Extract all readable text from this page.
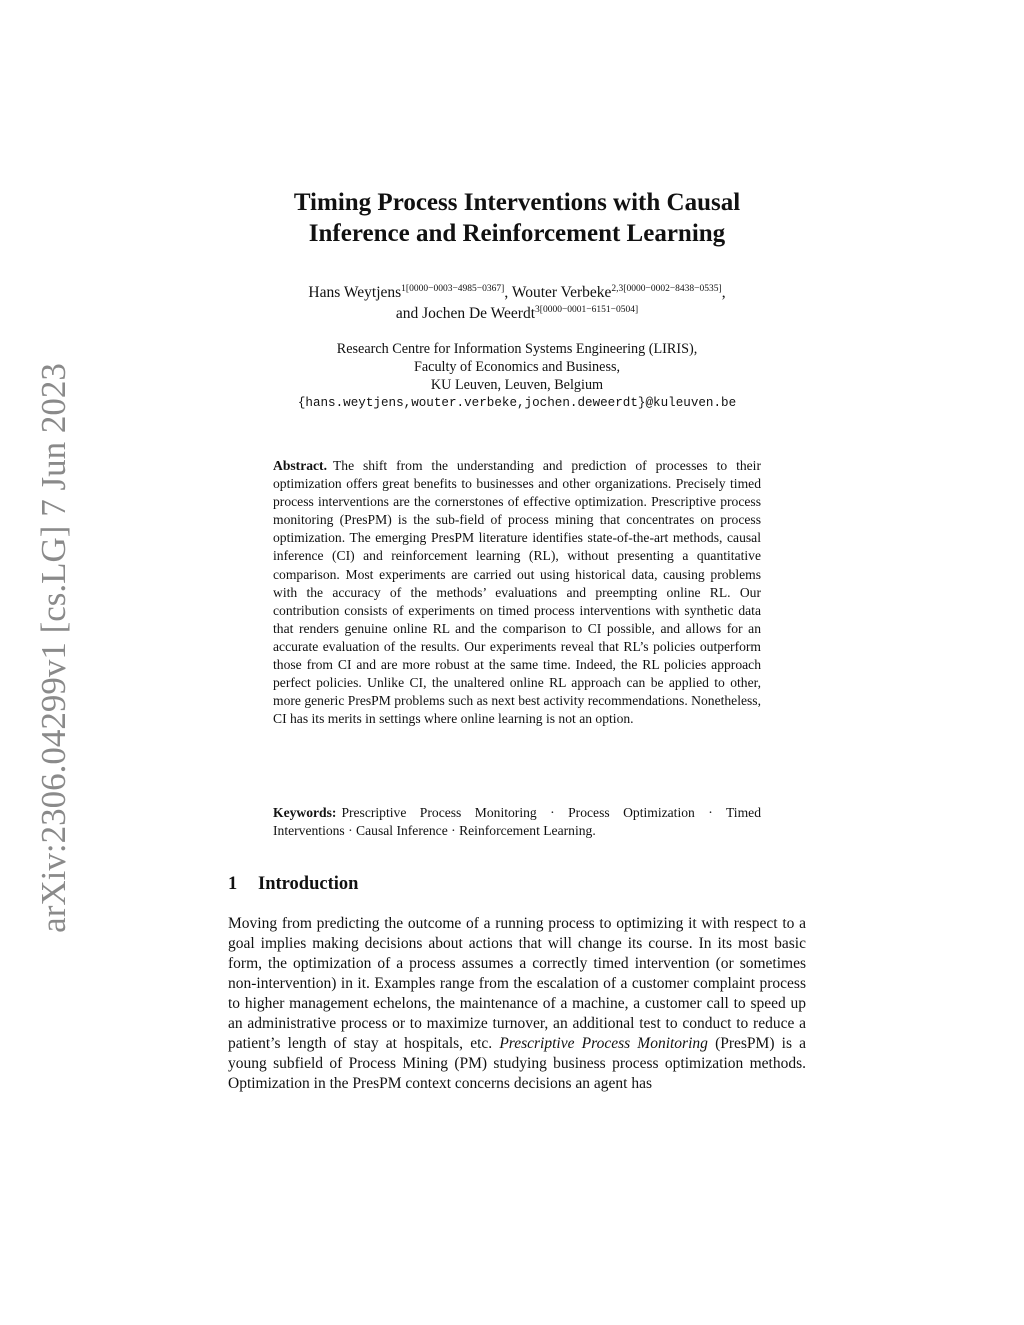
arXiv:2306.04299v1 [cs.LG] 7 Jun 2023
Timing Process Interventions with Causal
Inference and Reinforcement Learning
Hans Weytjens$^{1[0000-0003-4985-0367]}$, Wouter Verbeke$^{2,3[0000-0002-8438-0535]}$,
and Jochen De Weerdt$^{3[0000-0001-6151-0504]}$
Research Centre for Information Systems Engineering (LIRIS),
Faculty of Economics and Business,
KU Leuven, Leuven, Belgium
{hans.weytjens,wouter.verbeke,jochen.deweerdt}@kuleuven.be

Abstract. The shift from the understanding and prediction of processes to their optimization offers great benefits to businesses and other organizations. Precisely timed process interventions are the cornerstones of effective optimization. Prescriptive process monitoring (PresPM) is the sub-field of process mining that concentrates on process optimization. The emerging PresPM literature identifies state-of-the-art methods, causal inference (CI) and reinforcement learning (RL), without presenting a quantitative comparison. Most experiments are carried out using historical data, causing problems with the accuracy of the methods’ evaluations and preempting online RL. Our contribution consists of experiments on timed process interventions with synthetic data that renders genuine online RL and the comparison to CI possible, and allows for an accurate evaluation of the results. Our experiments reveal that RL’s policies outperform those from CI and are more robust at the same time. Indeed, the RL policies approach perfect policies. Unlike CI, the unaltered online RL approach can be applied to other, more generic PresPM problems such as next best activity recommendations. Nonetheless, CI has its merits in settings where online learning is not an option.

Keywords: Prescriptive Process Monitoring · Process Optimization · Timed Interventions · Causal Inference · Reinforcement Learning.

1 Introduction

Moving from predicting the outcome of a running process to optimizing it with respect to a goal implies making decisions about actions that will change its course. In its most basic form, the optimization of a process assumes a correctly timed intervention (or sometimes non-intervention) in it. Examples range from the escalation of a customer complaint process to higher management echelons, the maintenance of a machine, a customer call to speed up an administrative process or to maximize turnover, an additional test to conduct to reduce a patient’s length of stay at hospitals, etc. Prescriptive Process Monitoring (PresPM) is a young subfield of Process Mining (PM) studying business process optimization methods. Optimization in the PresPM context concerns decisions an agent has
